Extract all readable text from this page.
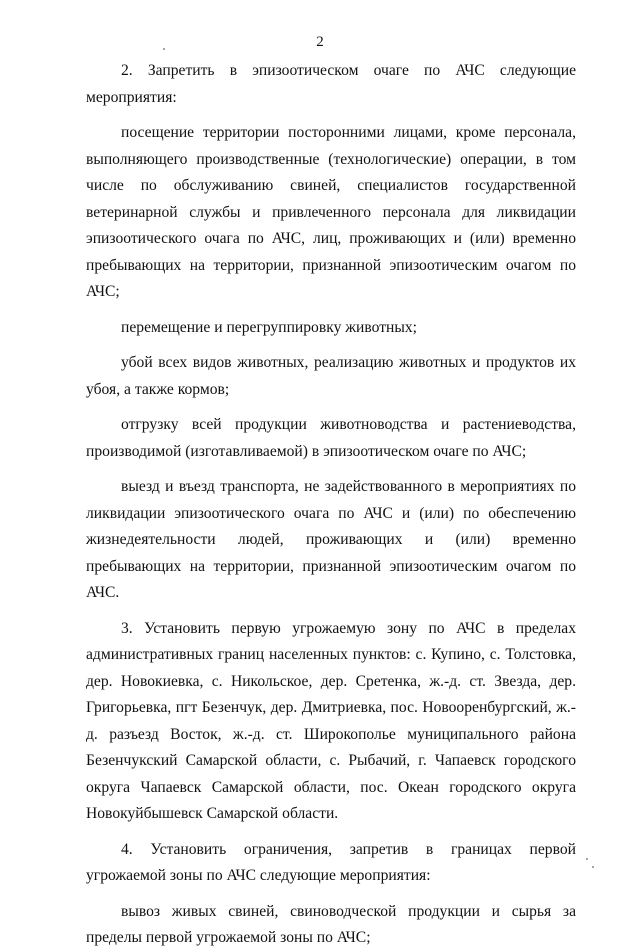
2

2. Запретить в эпизоотическом очаге по АЧС следующие мероприятия:

посещение территории посторонними лицами, кроме персонала, выполняющего производственные (технологические) операции, в том числе по обслуживанию свиней, специалистов государственной ветеринарной службы и привлеченного персонала для ликвидации эпизоотического очага по АЧС, лиц, проживающих и (или) временно пребывающих на территории, признанной эпизоотическим очагом по АЧС;

перемещение и перегруппировку животных;

убой всех видов животных, реализацию животных и продуктов их убоя, а также кормов;

отгрузку всей продукции животноводства и растениеводства, производимой (изготавливаемой) в эпизоотическом очаге по АЧС;

выезд и въезд транспорта, не задействованного в мероприятиях по ликвидации эпизоотического очага по АЧС и (или) по обеспечению жизнедеятельности людей, проживающих и (или) временно пребывающих на территории, признанной эпизоотическим очагом по АЧС.

3. Установить первую угрожаемую зону по АЧС в пределах административных границ населенных пунктов: с. Купино, с. Толстовка, дер. Новокиевка, с. Никольское, дер. Сретенка, ж.-д. ст. Звезда, дер. Григорьевка, пгт Безенчук, дер. Дмитриевка, пос. Новооренбургский, ж.-д. разъезд Восток, ж.-д. ст. Широкополье муниципального района Безенчукский Самарской области, с. Рыбачий, г. Чапаевск городского округа Чапаевск Самарской области, пос. Океан городского округа Новокуйбышевск Самарской области.

4. Установить ограничения, запретив в границах первой угрожаемой зоны по АЧС следующие мероприятия:

вывоз живых свиней, свиноводческой продукции и сырья за пределы первой угрожаемой зоны по АЧС;
